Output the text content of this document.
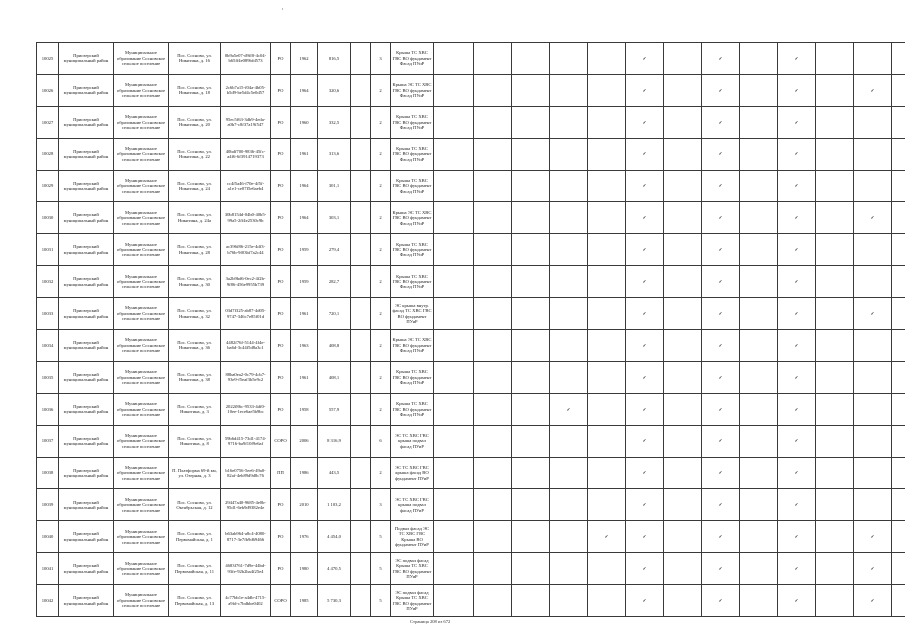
10025	Приозерский муниципальный район	Муниципальное образование Сосновское сельское поселение	Пос. Сосново, ул. Никитина, д. 16	0b9a5e07-d9ff0-4c04-b65ff4e089bfd573	РО	1962	816,5		3	Крыша ТС ХВС ГВС ВО фундамент Фасад ПУиР						✓		✓		✓			
10026	Приозерский муниципальный район	Муниципальное образование Сосновское сельское поселение	Пос. Сосново, ул. Никитина, д. 18	2c6b7a15-f04a-4b05-b5d9-be5d4c5e0d57	РО	1964	320,6		2	Крыша ЭС ТС ХВС ГВС ВО фундамент Фасад ПУиР						✓		✓		✓		✓	
10027	Приозерский муниципальный район	Муниципальное образование Сосновское сельское поселение	Пос. Сосново, ул. Никитина, д. 20	95ec5f63-3db9-4eda-a0b7-c8f37a19f547	РО	1960	332,5		2	Крыша ТС ХВС ГВС ВО фундамент Фасад ПУиР						✓		✓		✓			
10028	Приозерский муниципальный район	Муниципальное образование Сосновское сельское поселение	Пос. Сосново, ул. Никитина, д. 22	40bdf700-9836-45fc-a4f6-6f3914719373	РО	1961	313,6		2	Крыша ТС ХВС ГВС ВО фундамент Фасад ПУиР						✓		✓		✓			
10029	Приозерский муниципальный район	Муниципальное образование Сосновское сельское поселение	Пос. Сосново, ул. Никитина, д. 24	cc4f5a46-f70e-4f5f-a1e1-ce07f5e6aeb4	РО	1964	301,1		2	Крыша ТС ХВС ГВС ВО фундамент Фасад ПУиР						✓		✓		✓			
10030	Приозерский муниципальный район	Муниципальное образование Сосновское сельское поселение	Пос. Сосново, ул. Никитина, д. 24а	30b8154d-04b0-40b5-99a5-2ff4e2530c9b	РО	1964	303,1		2	Крыша ЭС ТС ХВС ГВС ВО фундамент Фасад ПУиР						✓		✓		✓		✓	
10031	Приозерский муниципальный район	Муниципальное образование Сосновское сельское поселение	Пос. Сосново, ул. Никитина, д. 28	ac396f86-215e-4df3-b76b-9f03bf7a2c44	РО	1959	279,4		2	Крыша ТС ХВС ГВС ВО фундамент Фасад ПУиР						✓		✓		✓			
10032	Приозерский муниципальный район	Муниципальное образование Сосновское сельское поселение	Пос. Сосново, ул. Никитина, д. 30	3a2b9bd6-0ec2-4f2b-9f86-456e9955b739	РО	1959	282,7		2	Крыша ТС ХВС ГВС ВО фундамент Фасад ПУиР						✓		✓		✓			
10033	Приозерский муниципальный район	Муниципальное образование Сосновское сельское поселение	Пос. Сосново, ул. Никитина, д. 32	03d7f325-ab87-4d05-9747-346c7e85f01d	РО	1961	720,1		2	ЭС крыша внутр. фасад ТС ХВС ГВС ВО фундамент ПУиР						✓		✓		✓		✓	
10034	Приозерский муниципальный район	Муниципальное образование Сосновское сельское поселение	Пос. Сосново, ул. Никитина, д. 36	4482f76f-5144-4f4e-ba6d-3c44f5d8a3c1	РО	1963	408,8		2	Крыша ЭС ТС ХВС ГВС ВО фундамент Фасад ПУиР						✓		✓		✓			
10035	Приозерский муниципальный район	Муниципальное образование Сосновское сельское поселение	Пос. Сосново, ул. Никитина, д. 38	88ba0ea2-0c79-4cb7-93e9-f5eaf3b5e9c2	РО	1961	408,1		2	Крыша ТС ХВС ГВС ВО фундамент Фасад ПУиР						✓		✓		✓			
10036	Приозерский муниципальный район	Муниципальное образование Сосновское сельское поселение	Пос. Сосново, ул. Никитина, д. 3	2022f86c-9533-4df0-10ee-1ece6ae5b9bc	РО	1958	557,9		2	Крыша ТС ХВС ГВС ВО фундамент Фасад ПУиР				✓		✓		✓		✓			
10037	Приозерский муниципальный район	Муниципальное образование Сосновское сельское поселение	Пос. Сосново, ул. Никитина, д. 8	59b6d415-73d1-4174-9716-ba9f10f9e6af	СОРО	2006	8 316,9		6	ЭС ТС ХВС ГВС крыша подвал фасад ПУиР						✓		✓		✓			
10038	Приозерский муниципальный район	Муниципальное образование Сосновское сельское поселение	П. Платформа 69-й км, ул. Озерная, д. 3	b16e0756-5ee6-49a0-82af-4eb89d9d8c76	ПП	1986	443,5		2	ЭС ТС ХВС ГВС крыша фасад ВО фундамент ПУиР						✓		✓		✓			
10039	Приозерский муниципальный район	Муниципальное образование Сосновское сельское поселение	Пос. Сосново, ул. Октябрьская, д. 12	29447a40-9685-4e0b-95d1-6eb9d9382e4e	РО	2010	1 103,2		3	ЭС ТС ХВС ГВС крыша подвал фасад ПУиР						✓		✓		✓			
10040	Приозерский муниципальный район	Муниципальное образование Сосновское сельское поселение	Пос. Сосново, ул. Первомайская, д. 1	b63ab964-a8c4-4080-8717-3e7fb9d69466	РО	1976	4 454,0		5	Подвал фасад ЭС ТС ХВС ГВС Крыша ВО фундамент ПУиР					✓	✓		✓		✓		✓	
10041	Приозерский муниципальный район	Муниципальное образование Сосновское сельское поселение	Пос. Сосново, ул. Первомайская, д. 11	4683f761-7d9e-44bd-93fe-92b2ba4f25e4	РО	1980	4 470,5		5	ЭС подвал фасад Крыша ТС ХВС ГВС ВО фундамент ПУиР						✓		✓		✓		✓	
10042	Приозерский муниципальный район	Муниципальное образование Сосновское сельское поселение	Пос. Сосново, ул. Первомайская, д. 13	4c77bb1e-a4db-4715-a9fd-c7bdbbe0402	СОРО	1985	5 730,3		5	ЭС подвал фасад Крыша ТС ХВС ГВС ВО фундамент ПУиР						✓		✓		✓		✓	
Страница 208 из 672
